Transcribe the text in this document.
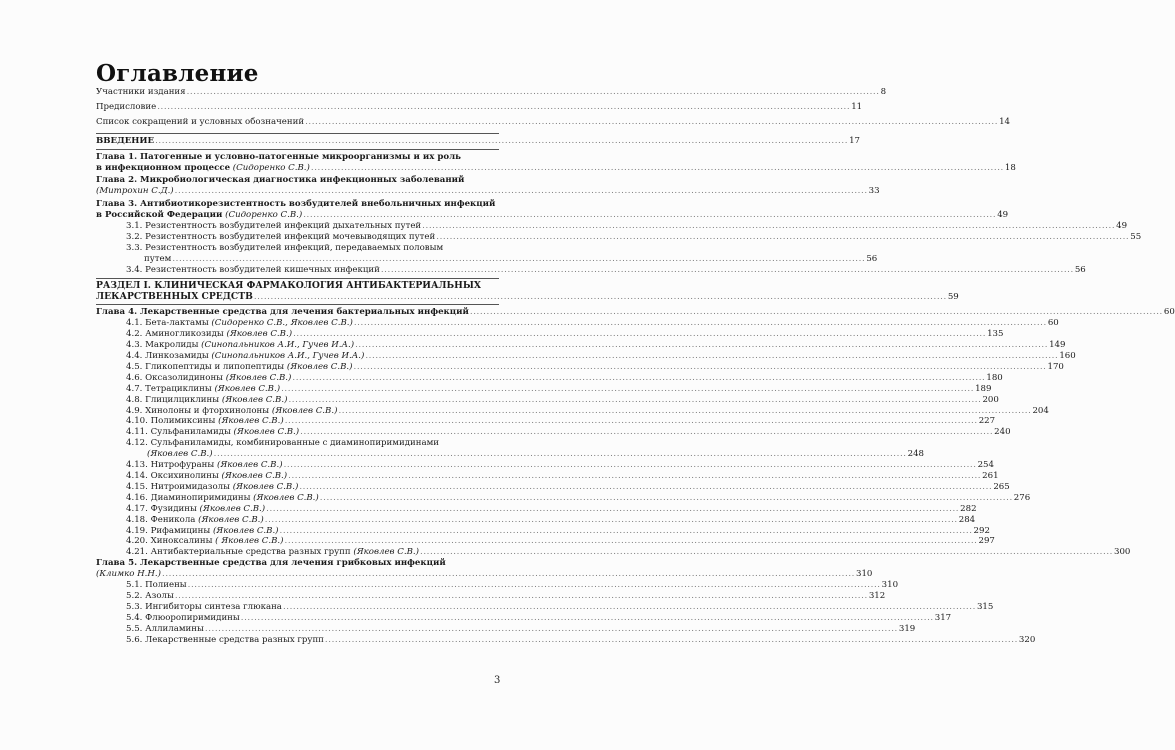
Оглавление
Участники издания .....	8
Предисловие .....	11
Список сокращений и условных обозначений .....	14
ВВЕДЕНИЕ .....	17
Глава 1. Патогенные и условно-патогенные микроорганизмы и их роль
в инфекционном процессе (Сидоренко С.В.) .....	18
Глава 2. Микробиологическая диагностика инфекционных заболеваний
(Митрохин С.Д.) .....	33
Глава 3. Антибиотикорезистентность возбудителей внебольничных инфекций
в Российской Федерации (Сидоренко С.В.) .....	49
3.1. Резистентность возбудителей инфекций дыхательных путей .....	49
3.2. Резистентность возбудителей инфекций мочевыводящих путей .....	55
3.3. Резистентность возбудителей инфекций, передаваемых половым
путем .....	56
3.4. Резистентность возбудителей кишечных инфекций .....	56
РАЗДЕЛ I. КЛИНИЧЕСКАЯ ФАРМАКОЛОГИЯ АНТИБАКТЕРИАЛЬНЫХ
ЛЕКАРСТВЕННЫХ СРЕДСТВ .....	59
Глава 4. Лекарственные средства для лечения бактериальных инфекций .....	60
4.1. Бета-лактамы (Сидоренко С.В., Яковлев С.В.) .....	60
4.2. Аминогликозиды (Яковлев С.В.) .....	135
4.3. Макролиды (Синопальников А.И., Гучев И.А.) .....	149
4.4. Линкозамиды (Синопальников А.И., Гучев И.А.) .....	160
4.5. Гликопептиды и липопептиды (Яковлев С.В.) .....	170
4.6. Оксазолидиноны (Яковлев С.В.) .....	180
4.7. Тетрациклины (Яковлев С.В.) .....	189
4.8. Глицилциклины (Яковлев С.В.) .....	200
4.9. Хинолоны и фторхинолоны (Яковлев С.В.) .....	204
4.10. Полимиксины (Яковлев С.В.) .....	227
4.11. Сульфаниламиды (Яковлев С.В.) .....	240
4.12. Сульфаниламиды, комбинированные с диаминопиримидинами
(Яковлев С.В.) .....	248
4.13. Нитрофураны (Яковлев С.В.) .....	254
4.14. Оксихинолины (Яковлев С.В.) .....	261
4.15. Нитроимидазолы (Яковлев С.В.) .....	265
4.16. Диаминопиримидины (Яковлев С.В.) .....	276
4.17. Фузидины (Яковлев С.В.) .....	282
4.18. Феникола (Яковлев С.В.) .....	284
4.19. Рифамицины (Яковлев С.В.) .....	292
4.20. Хиноксалины ( Яковлев С.В.) .....	297
4.21. Антибактериальные средства разных групп (Яковлев С.В.) .....	300
Глава 5. Лекарственные средства для лечения грибковых инфекций
(Климко Н.Н.) .....	310
5.1. Полиены .....	310
5.2. Азолы .....	312
5.3. Ингибиторы синтеза глюкана .....	315
5.4. Флюоропиримидины .....	317
5.5. Аллиламины .....	319
5.6. Лекарственные средства разных групп .....	320
3
